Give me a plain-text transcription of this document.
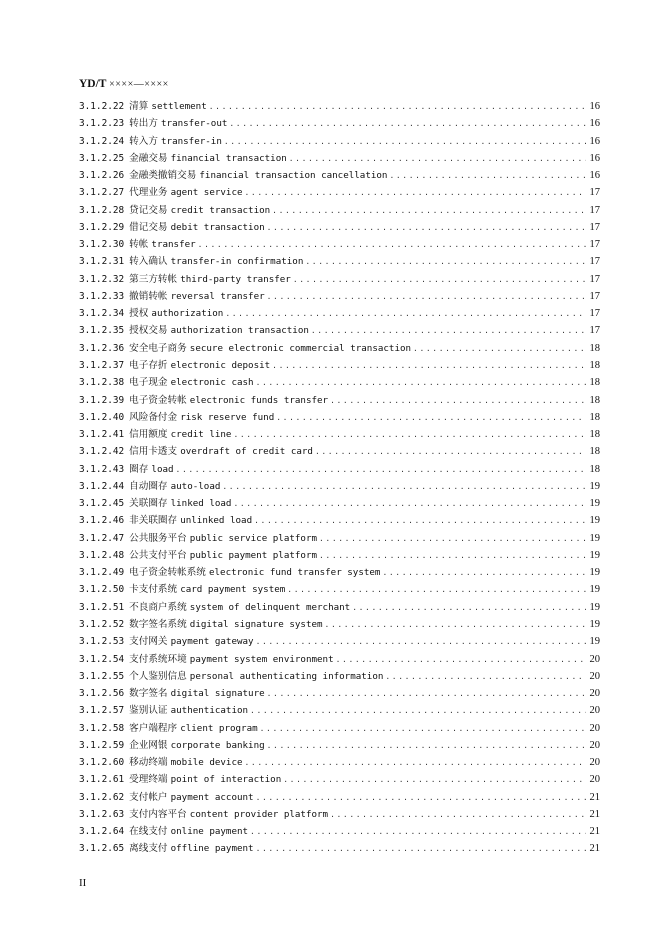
YD/T ××××—××××
3.1.2.22 清算 settlement .....	16
3.1.2.23 转出方 transfer-out .....	16
3.1.2.24 转入方 transfer-in .....	16
3.1.2.25 金融交易 financial transaction .....	16
3.1.2.26 金融类撤销交易 financial transaction cancellation .....	16
3.1.2.27 代理业务 agent service .....	17
3.1.2.28 贷记交易 credit transaction .....	17
3.1.2.29 借记交易 debit transaction .....	17
3.1.2.30 转帐 transfer .....	17
3.1.2.31 转入确认 transfer-in confirmation .....	17
3.1.2.32 第三方转帐 third-party transfer .....	17
3.1.2.33 撤销转帐 reversal transfer .....	17
3.1.2.34 授权 authorization .....	17
3.1.2.35 授权交易 authorization transaction .....	17
3.1.2.36 安全电子商务 secure electronic commercial transaction .....	18
3.1.2.37 电子存折 electronic deposit .....	18
3.1.2.38 电子现金 electronic cash .....	18
3.1.2.39 电子资金转帐 electronic funds transfer .....	18
3.1.2.40 风险备付金 risk reserve fund .....	18
3.1.2.41 信用额度 credit line .....	18
3.1.2.42 信用卡透支 overdraft of credit card .....	18
3.1.2.43 圈存 load .....	18
3.1.2.44 自动圈存 auto-load .....	19
3.1.2.45 关联圈存 linked load .....	19
3.1.2.46 非关联圈存 unlinked load .....	19
3.1.2.47 公共服务平台 public service platform .....	19
3.1.2.48 公共支付平台 public payment platform .....	19
3.1.2.49 电子资金转帐系统 electronic fund transfer system .....	19
3.1.2.50 卡支付系统 card payment system .....	19
3.1.2.51 不良商户系统 system of delinquent merchant .....	19
3.1.2.52 数字签名系统 digital signature system .....	19
3.1.2.53 支付网关 payment gateway .....	19
3.1.2.54 支付系统环境 payment system environment .....	20
3.1.2.55 个人鉴别信息 personal authenticating information .....	20
3.1.2.56 数字签名 digital signature .....	20
3.1.2.57 鉴别认证 authentication .....	20
3.1.2.58 客户端程序 client program .....	20
3.1.2.59 企业网银 corporate banking .....	20
3.1.2.60 移动终端 mobile device .....	20
3.1.2.61 受理终端 point of interaction .....	20
3.1.2.62 支付帐户 payment account .....	21
3.1.2.63 支付内容平台 content provider platform .....	21
3.1.2.64 在线支付 online payment .....	21
3.1.2.65 离线支付 offline payment .....	21
II
